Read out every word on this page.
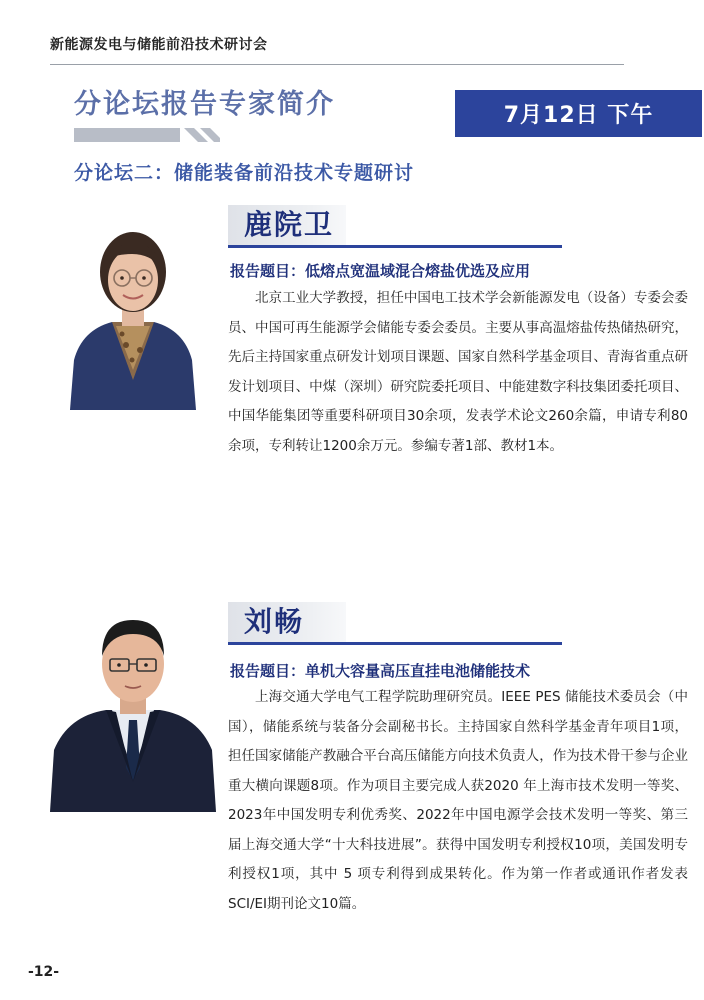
新能源发电与储能前沿技术研讨会
分论坛报告专家简介	7月12日 下午
分论坛二：储能装备前沿技术专题研讨
鹿院卫
报告题目：低熔点宽温域混合熔盐优选及应用

北京工业大学教授，担任中国电工技术学会新能源发电（设备）专委会委员、中国可再生能源学会储能专委会委员。主要从事高温熔盐传热储热研究，先后主持国家重点研发计划项目课题、国家自然科学基金项目、青海省重点研发计划项目、中煤（深圳）研究院委托项目、中能建数字科技集团委托项目、中国华能集团等重要科研项目30余项，发表学术论文260余篇，申请专利80余项，专利转让1200余万元。参编专著1部、教材1本。

刘畅
报告题目：单机大容量高压直挂电池储能技术

上海交通大学电气工程学院助理研究员。IEEE PES 储能技术委员会（中国），储能系统与装备分会副秘书长。主持国家自然科学基金青年项目1项，担任国家储能产教融合平台高压储能方向技术负责人，作为技术骨干参与企业重大横向课题8项。作为项目主要完成人获2020 年上海市技术发明一等奖、2023年中国发明专利优秀奖、2022年中国电源学会技术发明一等奖、第三届上海交通大学“十大科技进展”。获得中国发明专利授权10项，美国发明专利授权1项，其中 5 项专利得到成果转化。作为第一作者或通讯作者发表SCI/EI期刊论文10篇。

-12-
